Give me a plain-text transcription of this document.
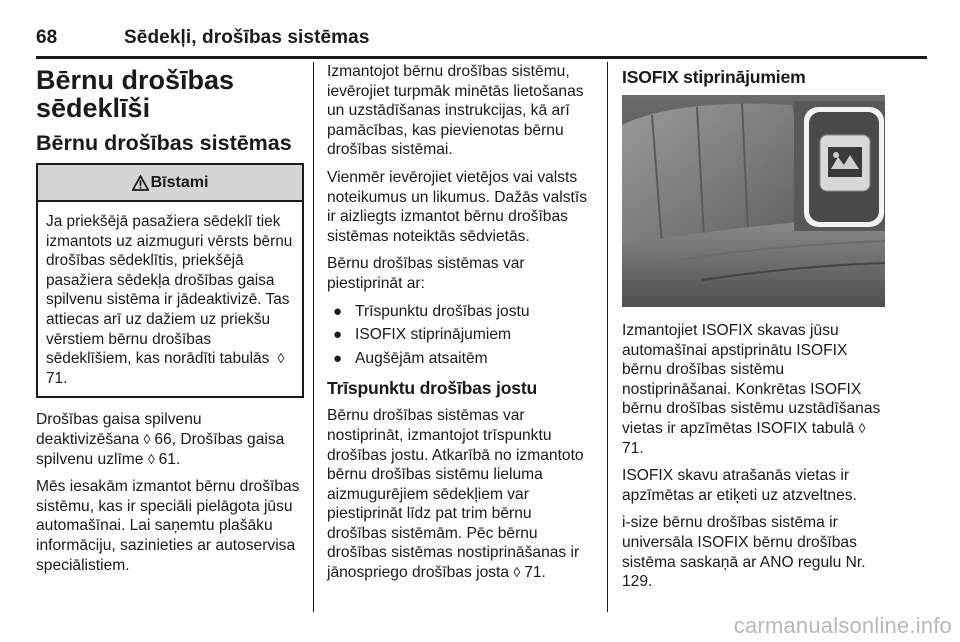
68	Sēdekļi, drošības sistēmas
Bērnu drošības sēdeklīši
Bērnu drošības sistēmas
Bīstami
Ja priekšējā pasažiera sēdeklī tiek izmantots uz aizmuguri vērsts bērnu drošības sēdeklītis, priekšējā pasažiera sēdekļa drošības gaisa spilvenu sistēma ir jādeaktivizē. Tas attiecas arī uz dažiem uz priekšu vērstiem bērnu drošības sēdeklīšiem, kas norādīti tabulās ⁠ ◊ 71.

Drošības gaisa spilvenu deaktivizēšana ◊ 66, Drošības gaisa spilvenu uzlīme ◊ 61.

Mēs iesakām izmantot bērnu drošības sistēmu, kas ir speciāli pielāgota jūsu automašīnai. Lai saņemtu plašāku informāciju, sazinieties ar autoservisa speciālistiem.

Izmantojot bērnu drošības sistēmu, ievērojiet turpmāk minētās lietošanas un uzstādīšanas instrukcijas, kā arī pamācības, kas pievienotas bērnu drošības sistēmai.

Vienmēr ievērojiet vietējos vai valsts noteikumus un likumus. Dažās valstīs ir aizliegts izmantot bērnu drošības sistēmas noteiktās sēdvietās.

Bērnu drošības sistēmas var piestiprināt ar:

● Trīspunktu drošības jostu
● ISOFIX stiprinājumiem
● Augšējām atsaitēm
Trīspunktu drošības jostu

Bērnu drošības sistēmas var nostiprināt, izmantojot trīspunktu drošības jostu. Atkarībā no izmantoto bērnu drošības sistēmu lieluma aizmugurējiem sēdekļiem var piestiprināt līdz pat trim bērnu drošības sistēmām. Pēc bērnu drošības sistēmas nostiprināšanas ir jānospriego drošības josta ◊ 71.

ISOFIX stiprinājumiem

Izmantojiet ISOFIX skavas jūsu automašīnai apstiprinātu ISOFIX bērnu drošības sistēmu nostiprināšanai. Konkrētas ISOFIX bērnu drošības sistēmu uzstādīšanas vietas ir apzīmētas ISOFIX tabulā ◊ 71.

ISOFIX skavu atrašanās vietas ir apzīmētas ar etiķeti uz atzveltnes.

i-size bērnu drošības sistēma ir universāla ISOFIX bērnu drošības sistēma saskaņā ar ANO regulu Nr. 129.

carmanualsonline.info
